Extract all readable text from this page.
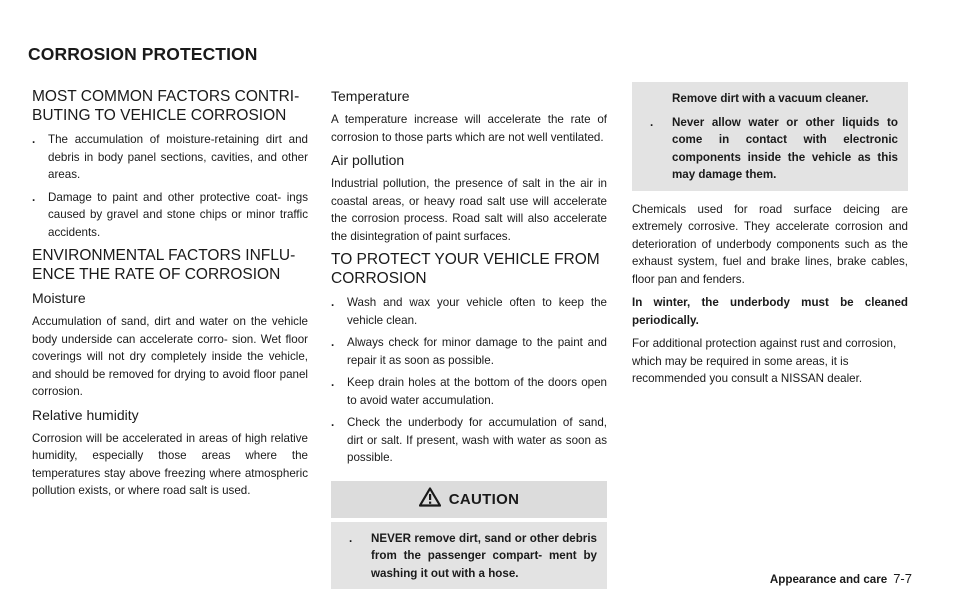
CORROSION PROTECTION
MOST COMMON FACTORS CONTRI-
BUTING TO VEHICLE CORROSION
. The accumulation of moisture-retaining dirt and debris in body panel sections, cavities, and other areas.
. Damage to paint and other protective coat- ings caused by gravel and stone chips or minor traffic accidents.
ENVIRONMENTAL FACTORS INFLU-
ENCE THE RATE OF CORROSION
Moisture

Accumulation of sand, dirt and water on the vehicle body underside can accelerate corro- sion. Wet floor coverings will not dry completely inside the vehicle, and should be removed for drying to avoid floor panel corrosion.

Relative humidity

Corrosion will be accelerated in areas of high relative humidity, especially those areas where the temperatures stay above freezing where atmospheric pollution exists, or where road salt is used.

Temperature

A temperature increase will accelerate the rate of corrosion to those parts which are not well ventilated.

Air pollution

Industrial pollution, the presence of salt in the air in coastal areas, or heavy road salt use will accelerate the corrosion process. Road salt will also accelerate the disintegration of paint surfaces.

TO PROTECT YOUR VEHICLE FROM
CORROSION
. Wash and wax your vehicle often to keep the vehicle clean.
. Always check for minor damage to the paint and repair it as soon as possible.
. Keep drain holes at the bottom of the doors open to avoid water accumulation.
. Check the underbody for accumulation of sand, dirt or salt. If present, wash with water as soon as possible.
CAUTION
. NEVER remove dirt, sand or other debris from the passenger compart- ment by washing it out with a hose.
Remove dirt with a vacuum cleaner.
. Never allow water or other liquids to come in contact with electronic components inside the vehicle as this may damage them.

Chemicals used for road surface deicing are extremely corrosive. They accelerate corrosion and deterioration of underbody components such as the exhaust system, fuel and brake lines, brake cables, floor pan and fenders.

In winter, the underbody must be cleaned periodically.

For additional protection against rust and corrosion, which may be required in some areas, it is recommended you consult a NISSAN dealer.

Appearance and care 7-7
